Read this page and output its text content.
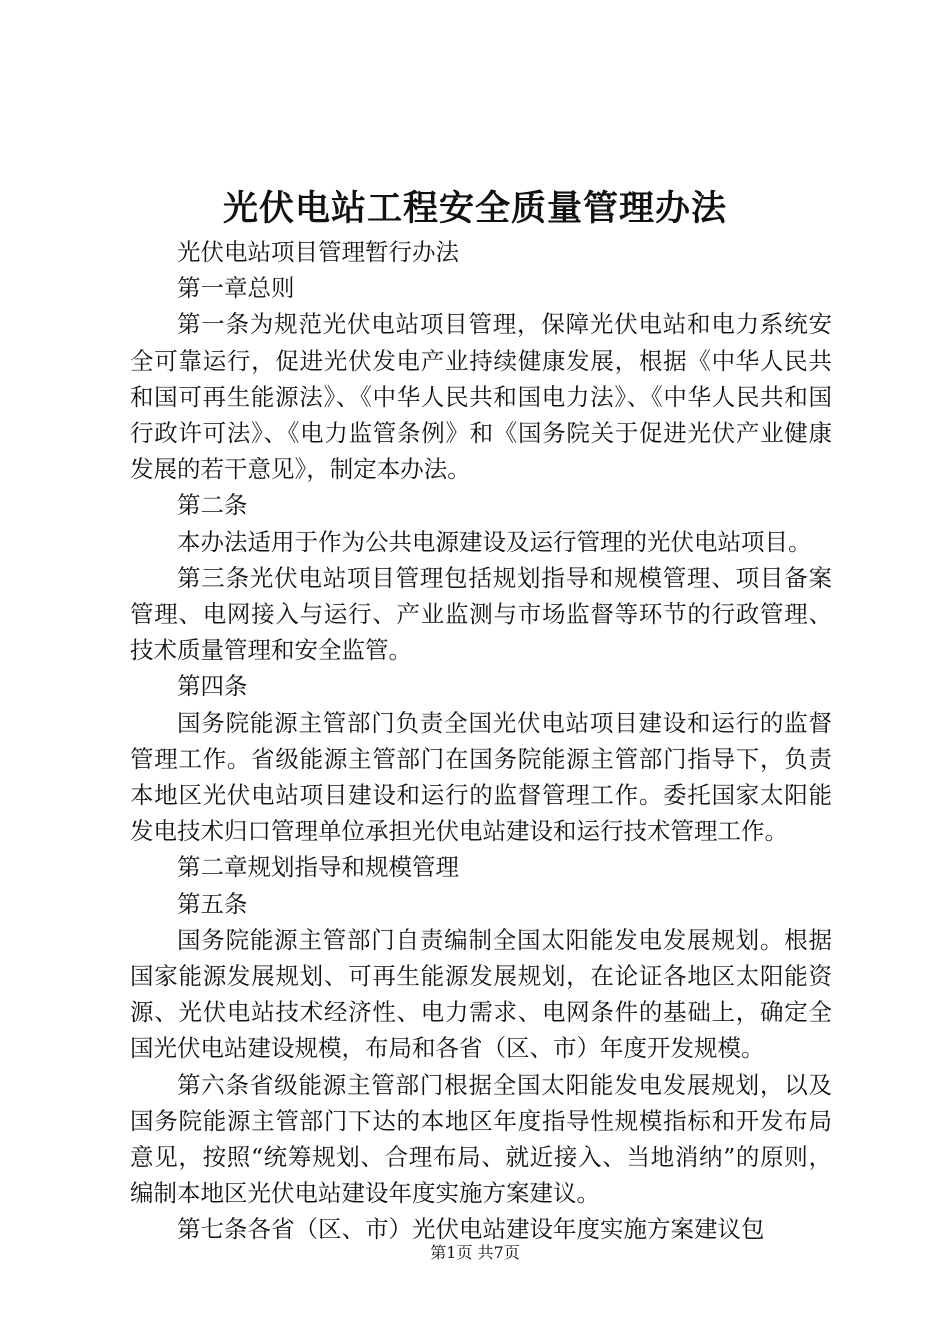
光伏电站工程安全质量管理办法

光伏电站项目管理暂行办法

第一章总则

第一条为规范光伏电站项目管理，保障光伏电站和电力系统安全可靠运行，促进光伏发电产业持续健康发展，根据《中华人民共和国可再生能源法》、《中华人民共和国电力法》、《中华人民共和国行政许可法》、《电力监管条例》和《国务院关于促进光伏产业健康发展的若干意见》，制定本办法。

第二条

本办法适用于作为公共电源建设及运行管理的光伏电站项目。

第三条光伏电站项目管理包括规划指导和规模管理、项目备案管理、电网接入与运行、产业监测与市场监督等环节的行政管理、技术质量管理和安全监管。

第四条

国务院能源主管部门负责全国光伏电站项目建设和运行的监督管理工作。省级能源主管部门在国务院能源主管部门指导下，负责本地区光伏电站项目建设和运行的监督管理工作。委托国家太阳能发电技术归口管理单位承担光伏电站建设和运行技术管理工作。

第二章规划指导和规模管理

第五条

国务院能源主管部门自责编制全国太阳能发电发展规划。根据国家能源发展规划、可再生能源发展规划，在论证各地区太阳能资源、光伏电站技术经济性、电力需求、电网条件的基础上，确定全国光伏电站建设规模，布局和各省（区、市）年度开发规模。

第六条省级能源主管部门根据全国太阳能发电发展规划，以及国务院能源主管部门下达的本地区年度指导性规模指标和开发布局意见，按照“统筹规划、合理布局、就近接入、当地消纳”的原则，编制本地区光伏电站建设年度实施方案建议。

第七条各省（区、市）光伏电站建设年度实施方案建议包

第1页 共7页
